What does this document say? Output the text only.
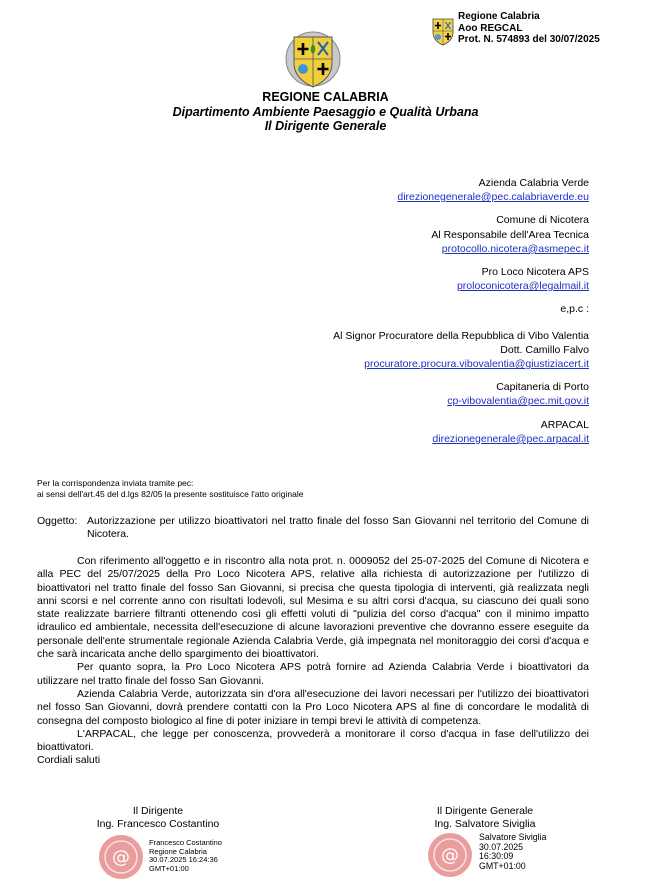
Regione Calabria
Aoo REGCAL
Prot. N. 574893 del 30/07/2025
REGIONE CALABRIA
Dipartimento Ambiente Paesaggio e Qualità Urbana
Il Dirigente Generale
Azienda Calabria Verde
direzionegenerale@pec.calabriaverde.eu
Comune di Nicotera
Al Responsabile dell'Area Tecnica
protocollo.nicotera@asmepec.it
Pro Loco Nicotera APS
proloconicotera@legalmail.it
e,p.c :
Al Signor Procuratore della Repubblica di Vibo Valentia
Dott. Camillo Falvo
procuratore.procura.vibovalentia@giustiziacert.it
Capitaneria di Porto
cp-vibovalentia@pec.mit.gov.it
ARPACAL
direzionegenerale@pec.arpacal.it
Per la corrispondenza inviata tramite pec:
ai sensi dell'art.45 del d.lgs 82/05 la presente sostituisce l'atto originale
Oggetto: Autorizzazione per utilizzo bioattivatori nel tratto finale del fosso San Giovanni nel territorio del Comune di Nicotera.

Con riferimento all'oggetto e in riscontro alla nota prot. n. 0009052 del 25-07-2025 del Comune di Nicotera e alla PEC del 25/07/2025 della Pro Loco Nicotera APS, relative alla richiesta di autorizzazione per l'utilizzo di bioattivatori nel tratto finale del fosso San Giovanni, si precisa che questa tipologia di interventi, già realizzata negli anni scorsi e nel corrente anno con risultati lodevoli, sul Mesima e su altri corsi d'acqua, su ciascuno dei quali sono state realizzate barriere filtranti ottenendo così gli effetti voluti di "pulizia del corso d'acqua" con il minimo impatto idraulico ed ambientale, necessita dell'esecuzione di alcune lavorazioni preventive che dovranno essere eseguite da personale dell'ente strumentale regionale Azienda Calabria Verde, già impegnata nel monitoraggio dei corsi d'acqua e che sarà incaricata anche dello spargimento dei bioattivatori.

Per quanto sopra, la Pro Loco Nicotera APS potrà fornire ad Azienda Calabria Verde i bioattivatori da utilizzare nel tratto finale del fosso San Giovanni.

Azienda Calabria Verde, autorizzata sin d'ora all'esecuzione dei lavori necessari per l'utilizzo dei bioattivatori nel fosso San Giovanni, dovrà prendere contatti con la Pro Loco Nicotera APS al fine di concordare le modalità di consegna del composto biologico al fine di poter iniziare in tempi brevi le attività di competenza.

L'ARPACAL, che legge per conoscenza, provvederà a monitorare il corso d'acqua in fase dell'utilizzo dei bioattivatori.

Cordiali saluti

Il Dirigente
Ing. Francesco Costantino
@
Francesco Costantino
Regione Calabria
30.07.2025 16:24:36
GMT+01:00
Il Dirigente Generale
Ing. Salvatore Siviglia
@
Salvatore Siviglia
30.07.2025
16:30:09
GMT+01:00
